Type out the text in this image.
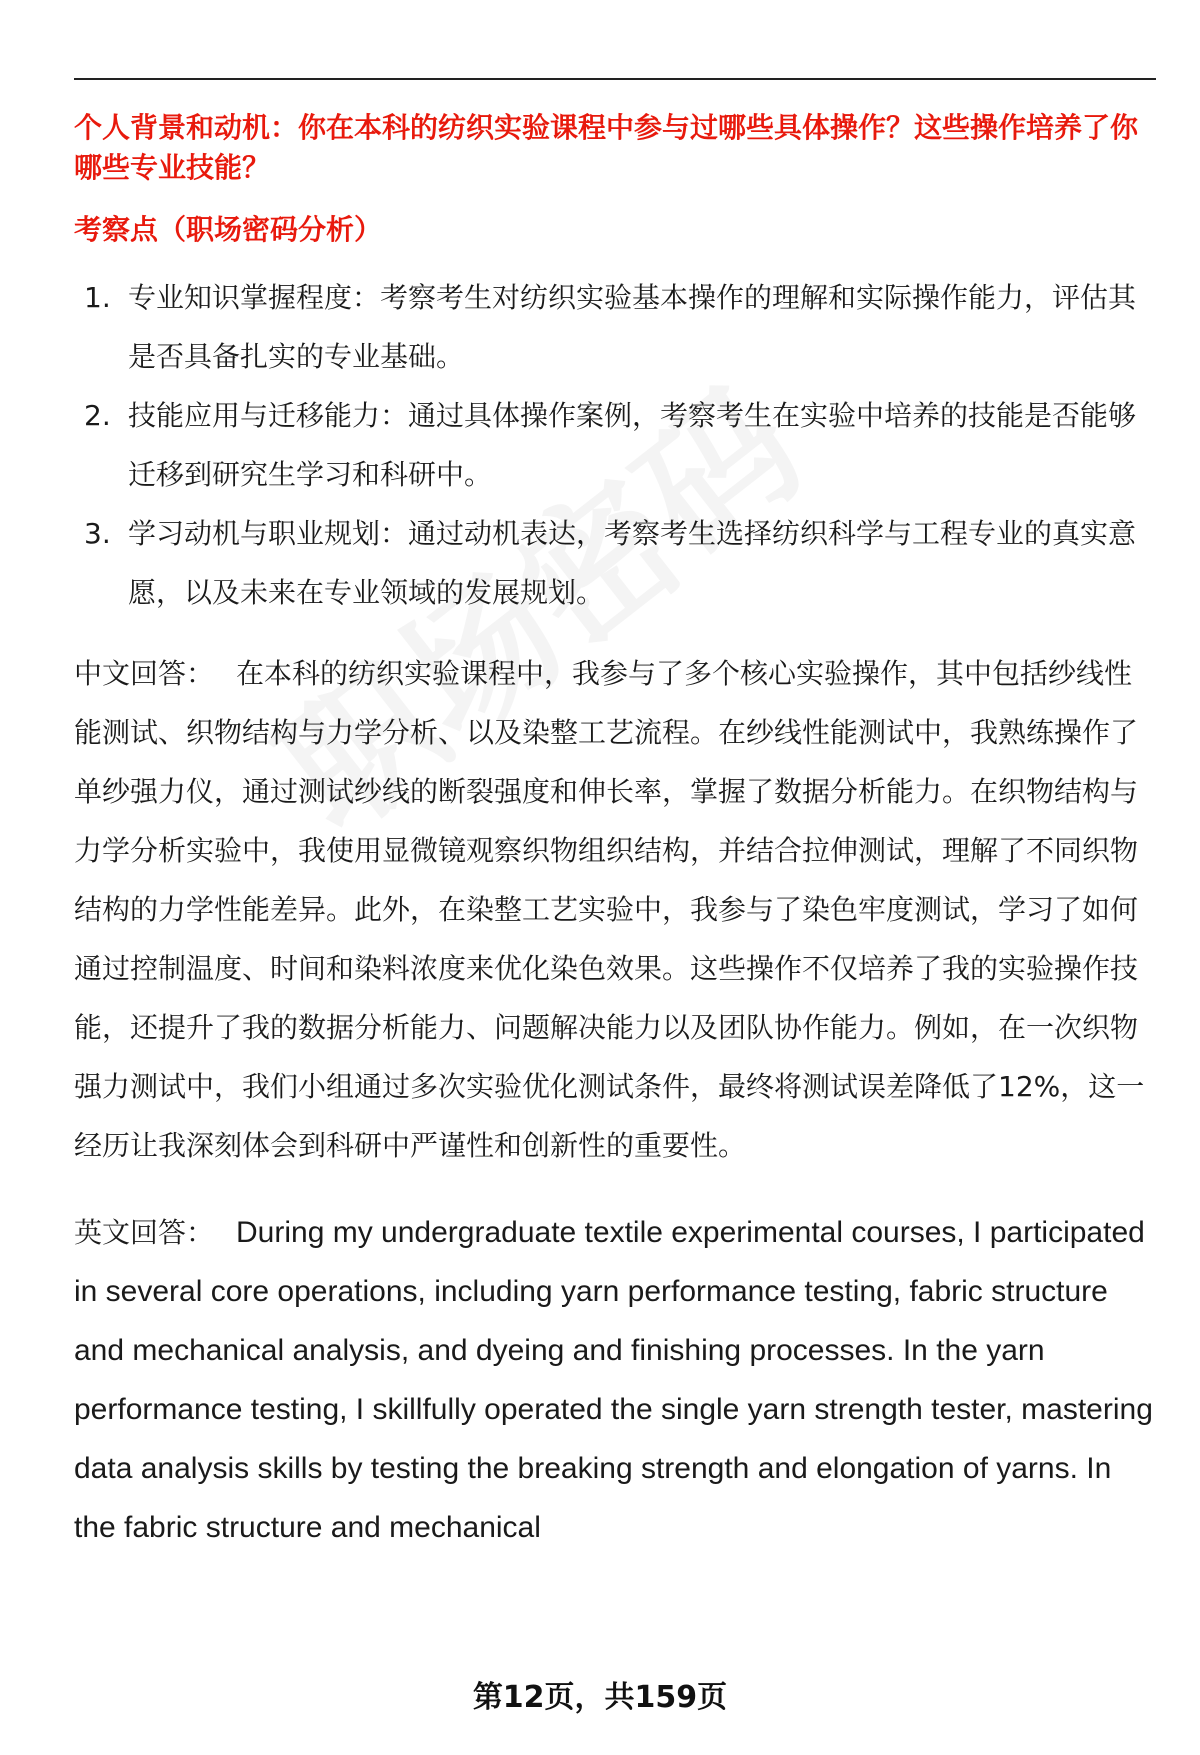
个人背景和动机：你在本科的纺织实验课程中参与过哪些具体操作？这些操作培养了你哪些专业技能？

考察点（职场密码分析）

1. 专业知识掌握程度：考察考生对纺织实验基本操作的理解和实际操作能力，评估其是否具备扎实的专业基础。
2. 技能应用与迁移能力：通过具体操作案例，考察考生在实验中培养的技能是否能够迁移到研究生学习和科研中。
3. 学习动机与职业规划：通过动机表达，考察考生选择纺织科学与工程专业的真实意愿，以及未来在专业领域的发展规划。

中文回答： 在本科的纺织实验课程中，我参与了多个核心实验操作，其中包括纱线性能测试、织物结构与力学分析、以及染整工艺流程。在纱线性能测试中，我熟练操作了单纱强力仪，通过测试纱线的断裂强度和伸长率，掌握了数据分析能力。在织物结构与力学分析实验中，我使用显微镜观察织物组织结构，并结合拉伸测试，理解了不同织物结构的力学性能差异。此外，在染整工艺实验中，我参与了染色牢度测试，学习了如何通过控制温度、时间和染料浓度来优化染色效果。这些操作不仅培养了我的实验操作技能，还提升了我的数据分析能力、问题解决能力以及团队协作能力。例如，在一次织物强力测试中，我们小组通过多次实验优化测试条件，最终将测试误差降低了12%，这一经历让我深刻体会到科研中严谨性和创新性的重要性。

英文回答： During my undergraduate textile experimental courses, I participated in several core operations, including yarn performance testing, fabric structure and mechanical analysis, and dyeing and finishing processes. In the yarn performance testing, I skillfully operated the single yarn strength tester, mastering data analysis skills by testing the breaking strength and elongation of yarns. In the fabric structure and mechanical

第12页，共159页
